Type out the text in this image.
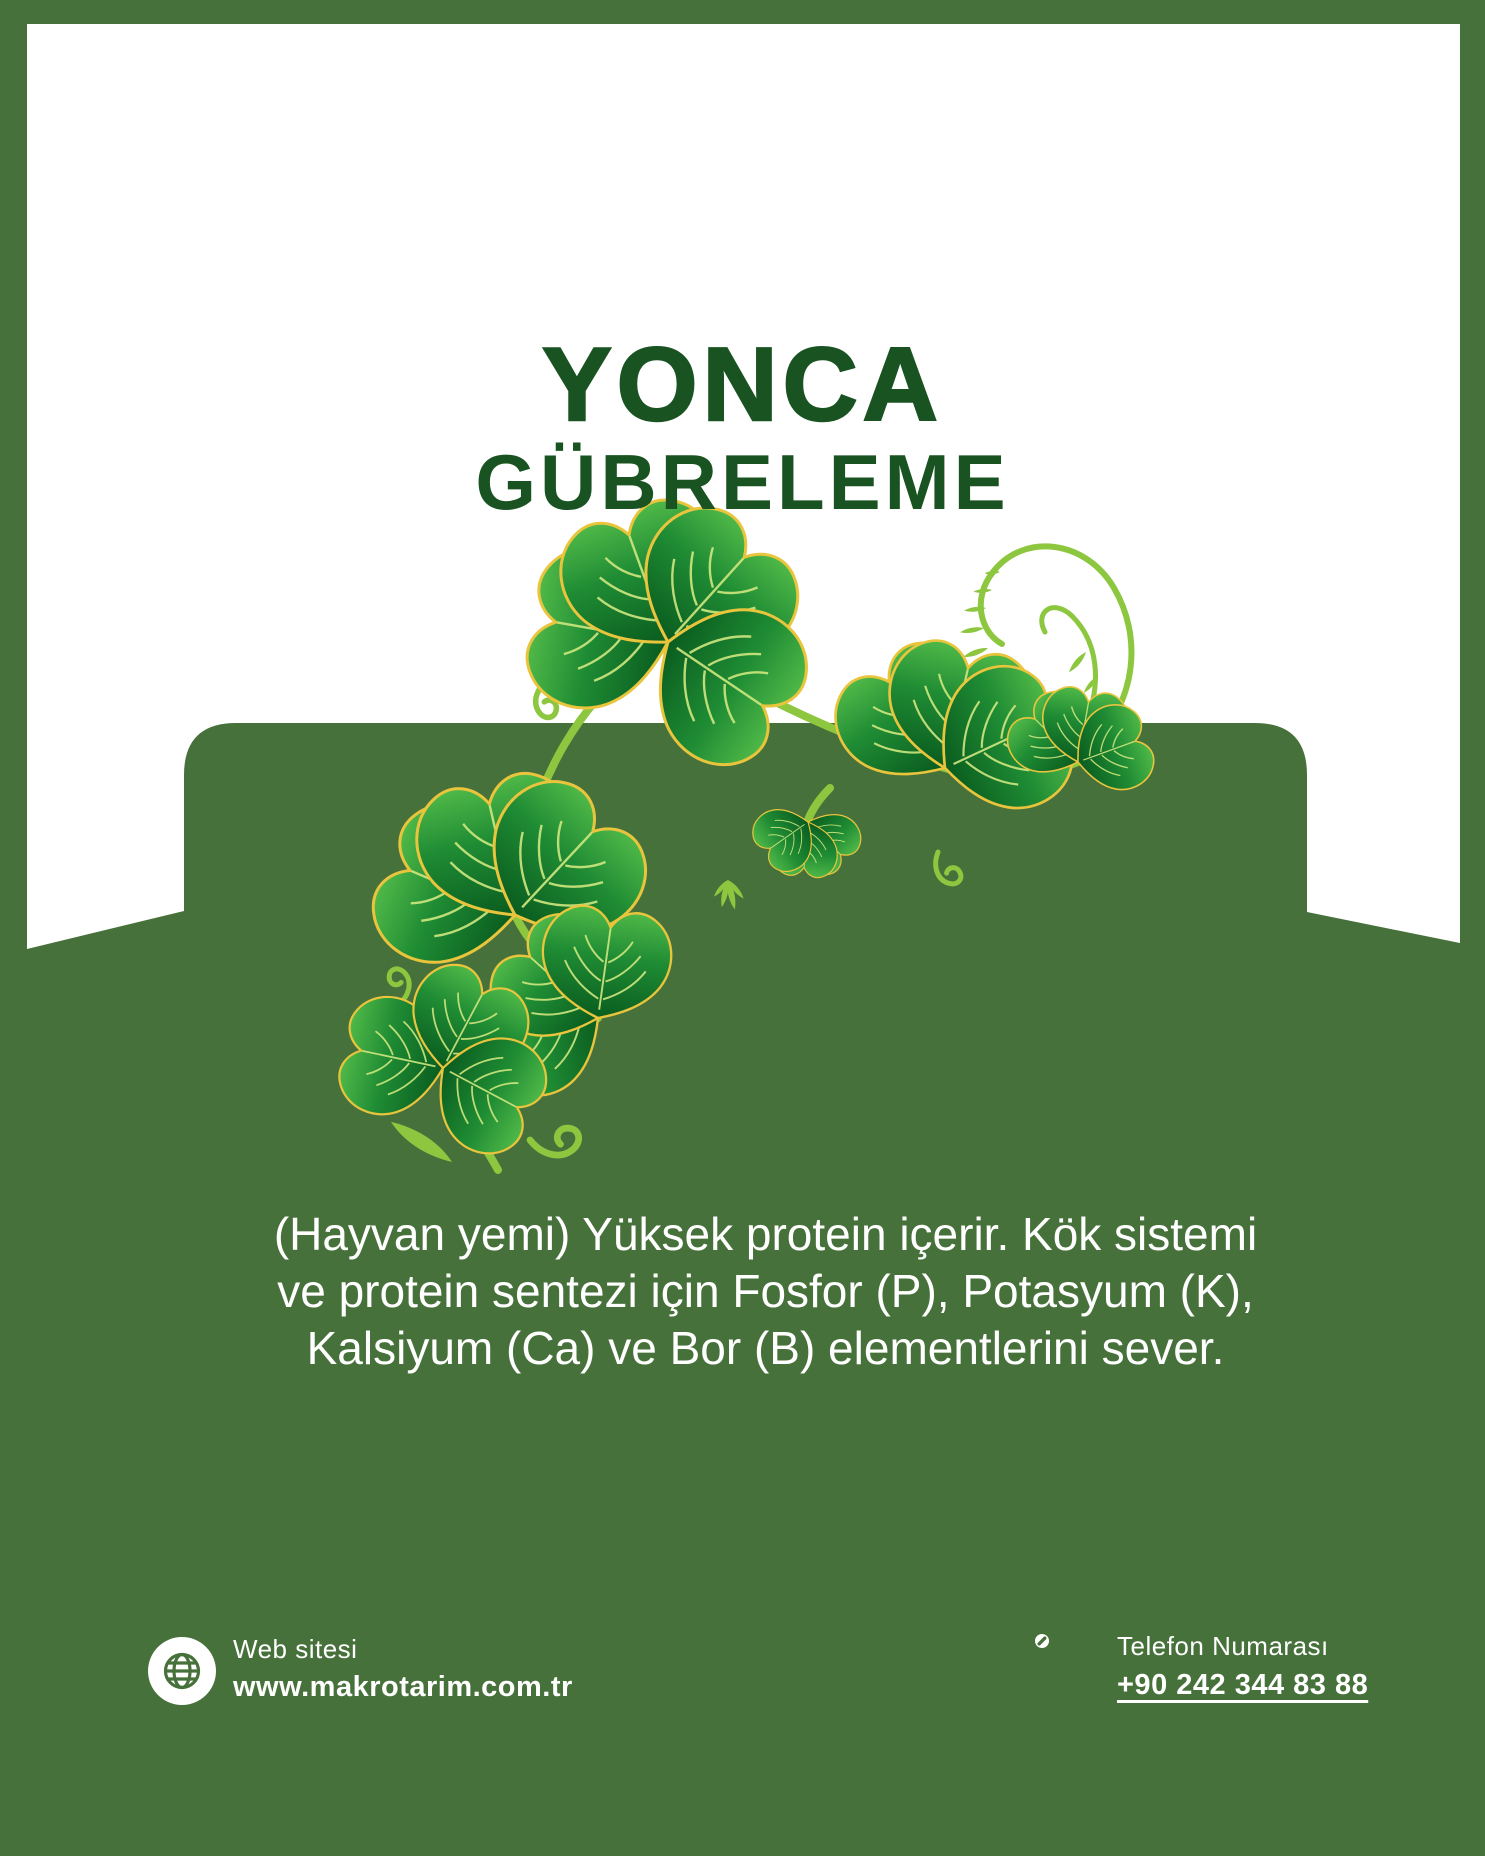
YONCA
GÜBRELEME
(Hayvan yemi) Yüksek protein içerir. Kök sistemi
ve protein sentezi için Fosfor (P), Potasyum (K),
Kalsiyum (Ca) ve Bor (B) elementlerini sever.
Web sitesi
www.makrotarim.com.tr
Telefon Numarası
+90 242 344 83 88
